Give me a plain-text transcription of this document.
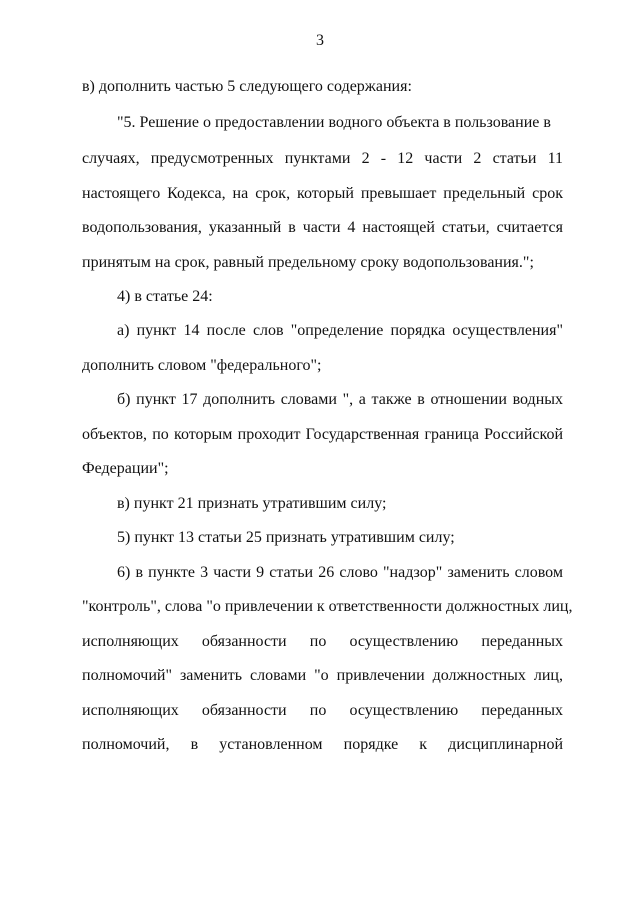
3
в) дополнить частью 5 следующего содержания:
"5. Решение о предоставлении водного объекта в пользование в
случаях, предусмотренных пунктами 2 - 12 части 2 статьи 11
настоящего Кодекса, на срок, который превышает предельный срок
водопользования, указанный в части 4 настоящей статьи, считается
принятым на срок, равный предельному сроку водопользования.";
4) в статье 24:
а) пункт 14 после слов "определение порядка осуществления"
дополнить словом "федерального";
б) пункт 17 дополнить словами ", а также в отношении водных
объектов, по которым проходит Государственная граница Российской
Федерации";
в) пункт 21 признать утратившим силу;
5) пункт 13 статьи 25 признать утратившим силу;
6) в пункте 3 части 9 статьи 26 слово "надзор" заменить словом
"контроль", слова "о привлечении к ответственности должностных лиц,
исполняющих обязанности по осуществлению переданных
полномочий" заменить словами "о привлечении должностных лиц,
исполняющих обязанности по осуществлению переданных
полномочий, в установленном порядке к дисциплинарной
